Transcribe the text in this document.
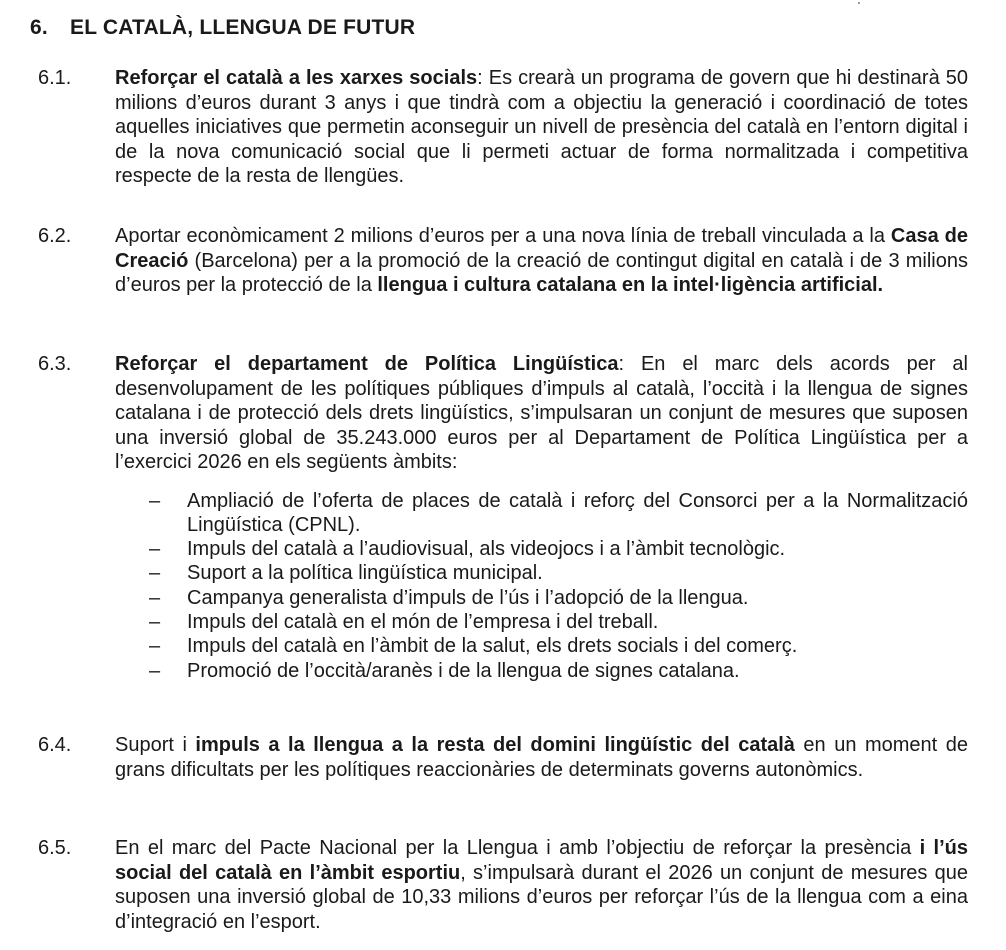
6. EL CATALÀ, LLENGUA DE FUTUR
6.1. Reforçar el català a les xarxes socials: Es crearà un programa de govern que hi destinarà 50 milions d’euros durant 3 anys i que tindrà com a objectiu la generació i coordinació de totes aquelles iniciatives que permetin aconseguir un nivell de presència del català en l’entorn digital i de la nova comunicació social que li permeti actuar de forma normalitzada i competitiva respecte de la resta de llengües.
6.2. Aportar econòmicament 2 milions d’euros per a una nova línia de treball vinculada a la Casa de Creació (Barcelona) per a la promoció de la creació de contingut digital en català i de 3 milions d’euros per la protecció de la llengua i cultura catalana en la intel·ligència artificial.
6.3. Reforçar el departament de Política Lingüística: En el marc dels acords per al desenvolupament de les polítiques públiques d’impuls al català, l’occità i la llengua de signes catalana i de protecció dels drets lingüístics, s’impulsaran un conjunt de mesures que suposen una inversió global de 35.243.000 euros per al Departament de Política Lingüística per a l’exercici 2026 en els següents àmbits:
– Ampliació de l’oferta de places de català i reforç del Consorci per a la Normalització Lingüística (CPNL).
– Impuls del català a l’audiovisual, als videojocs i a l’àmbit tecnològic.
– Suport a la política lingüística municipal.
– Campanya generalista d’impuls de l’ús i l’adopció de la llengua.
– Impuls del català en el món de l’empresa i del treball.
– Impuls del català en l’àmbit de la salut, els drets socials i del comerç.
– Promoció de l’occità/aranès i de la llengua de signes catalana.
6.4. Suport i impuls a la llengua a la resta del domini lingüístic del català en un moment de grans dificultats per les polítiques reaccionàries de determinats governs autonòmics.
6.5. En el marc del Pacte Nacional per la Llengua i amb l’objectiu de reforçar la presència i l’ús social del català en l’àmbit esportiu, s’impulsarà durant el 2026 un conjunt de mesures que suposen una inversió global de 10,33 milions d’euros per reforçar l’ús de la llengua com a eina d’integració en l’esport.
